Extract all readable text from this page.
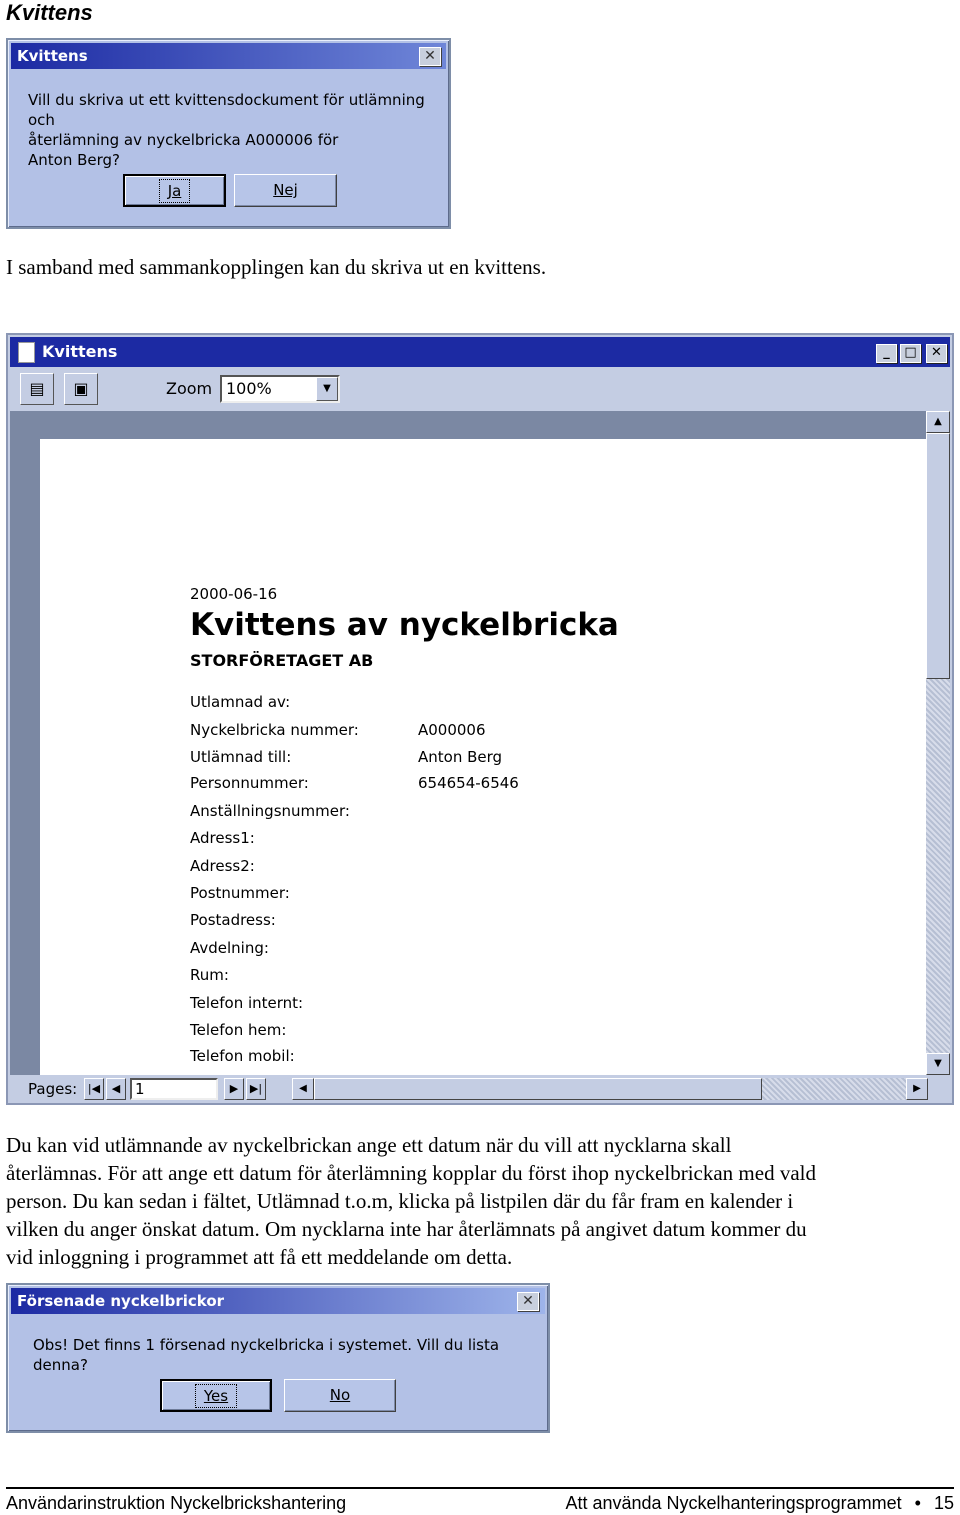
Kvittens
Kvittens	✕
Vill du skriva ut ett kvittensdockument för utlämning och
återlämning av nyckelbricka A000006 för
Anton Berg?
Ja	Nej
I samband med sammankopplingen kan du skriva ut en kvittens.
Kvittens	_	□	✕
▤	▣	Zoom 100%	▼
2000-06-16
Kvittens av nyckelbricka
STORFÖRETAGET AB
Utlamnad av:
Nyckelbricka nummer:	A000006
Utlämnad till:	Anton Berg
Personnummer:	654654-6546
Anställningsnummer:
Adress1:
Adress2:
Postnummer:
Postadress:
Avdelning:
Rum:
Telefon internt:
Telefon hem:
Telefon mobil:
▲
▼
Pages: |◀	◀ 1	▶	▶|	◀	▶
Du kan vid utlämnande av nyckelbrickan ange ett datum när du vill att nycklarna skall
återlämnas. För att ange ett datum för återlämning kopplar du först ihop nyckelbrickan med vald
person. Du kan sedan i fältet, Utlämnad t.o.m, klicka på listpilen där du får fram en kalender i
vilken du anger önskat datum. Om nycklarna inte har återlämnats på angivet datum kommer du
vid inloggning i programmet att få ett meddelande om detta.
Försenade nyckelbrickor	✕
Obs! Det finns 1 försenad nyckelbricka i systemet. Vill du lista denna?
Yes	No
Användarinstruktion Nyckelbrickshantering	Att använda Nyckelhanteringsprogrammet • 15
